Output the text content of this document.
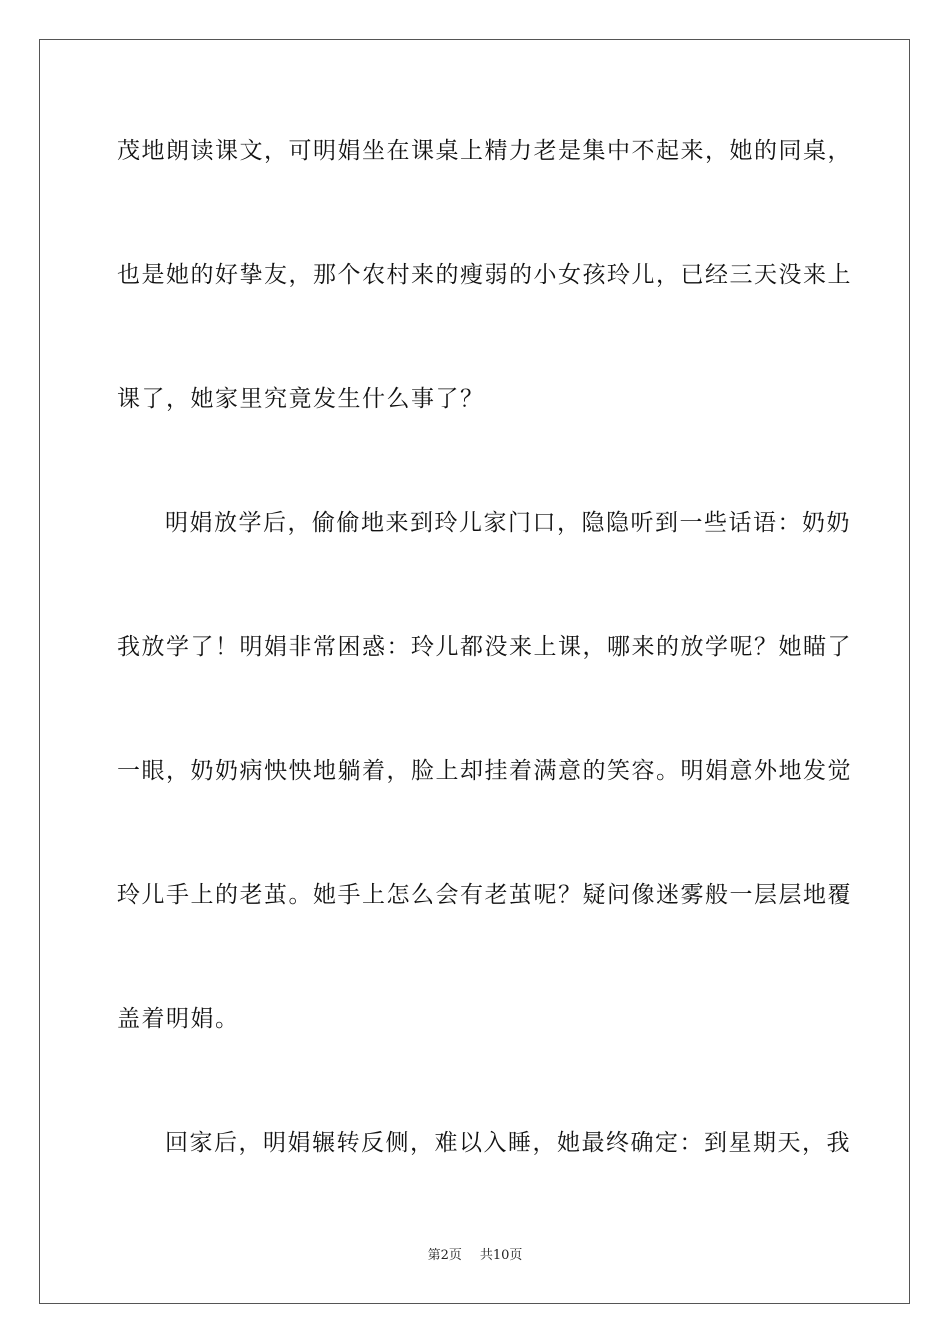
茂地朗读课文，可明娟坐在课桌上精力老是集中不起来，她的同桌，
也是她的好挚友，那个农村来的瘦弱的小女孩玲儿，已经三天没来上
课了，她家里究竟发生什么事了？
明娟放学后，偷偷地来到玲儿家门口，隐隐听到一些话语：奶奶
我放学了！明娟非常困惑：玲儿都没来上课，哪来的放学呢？她瞄了
一眼，奶奶病怏怏地躺着，脸上却挂着满意的笑容。明娟意外地发觉
玲儿手上的老茧。她手上怎么会有老茧呢？疑问像迷雾般一层层地覆
盖着明娟。
回家后，明娟辗转反侧，难以入睡，她最终确定：到星期天，我
第2页 共10页
